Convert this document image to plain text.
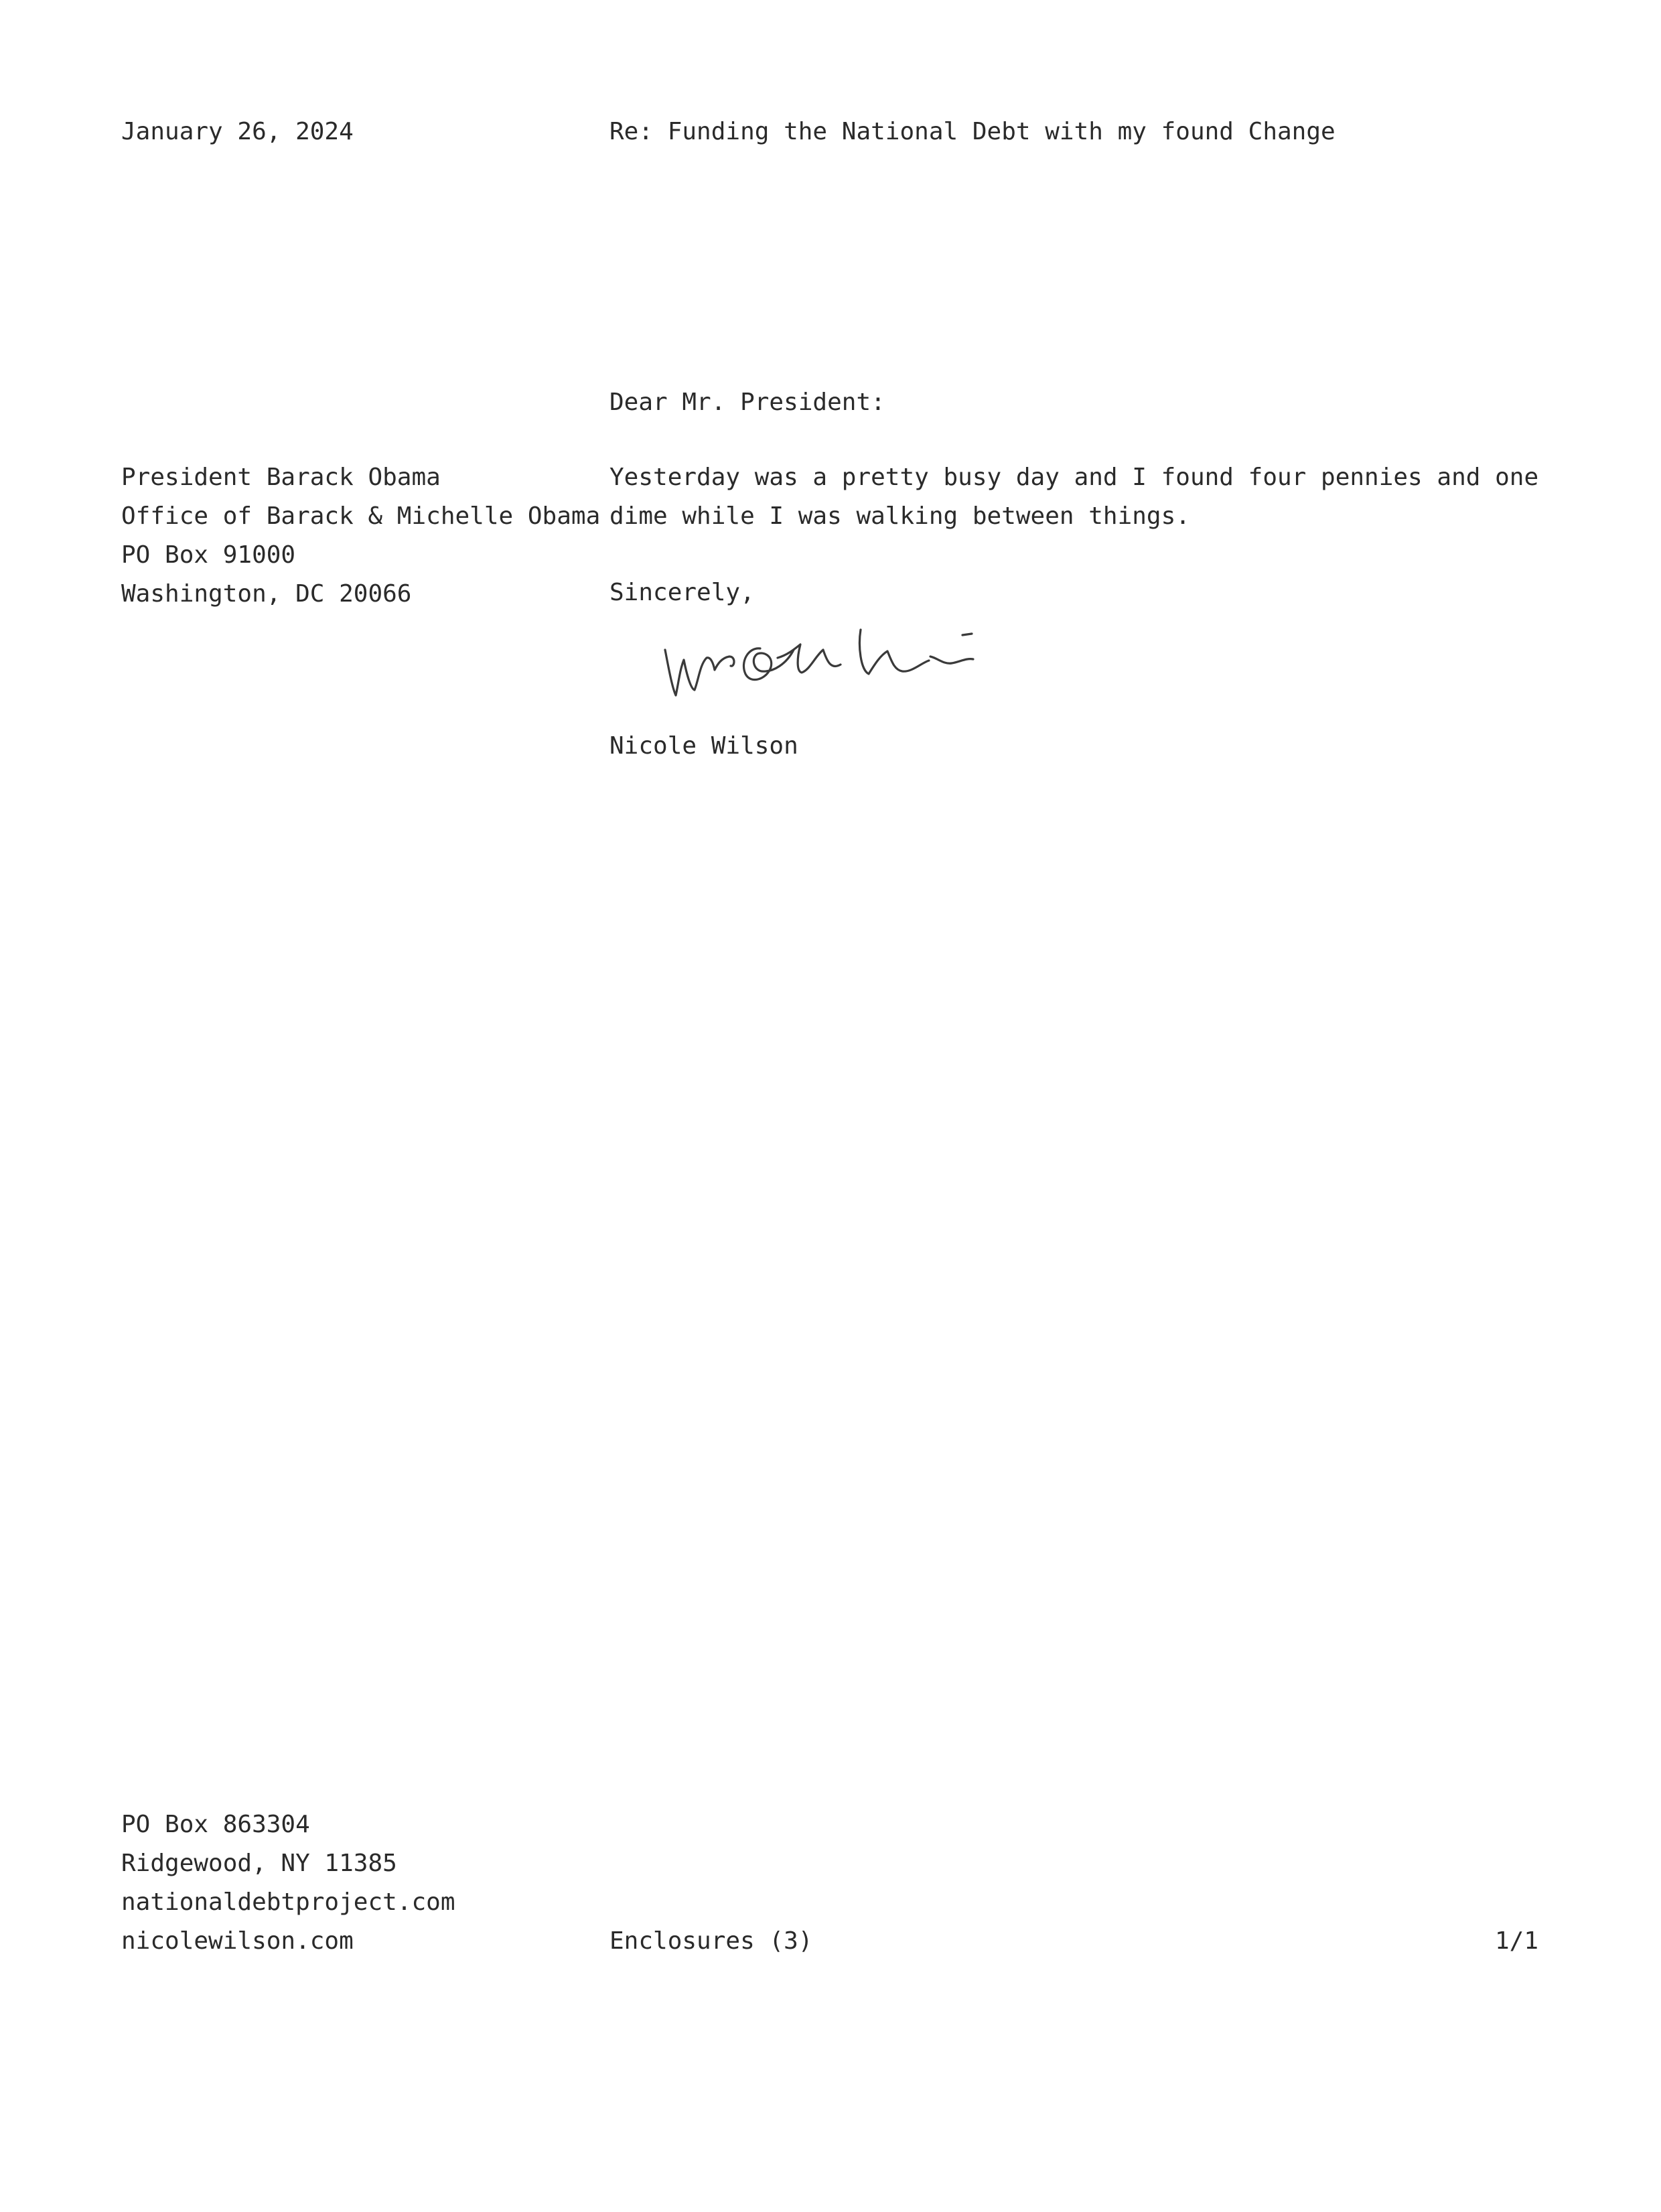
January 26, 2024	Re: Funding the National Debt with my found Change

Dear Mr. President:

President Barack Obama
Office of Barack & Michelle Obama
PO Box 91000
Washington, DC 20066
Yesterday was a pretty busy day and I found four pennies and one
dime while I was walking between things.

Sincerely,

Nicole Wilson

PO Box 863304
Ridgewood, NY 11385
nationaldebtproject.com
nicolewilson.com	Enclosures (3)	1/1
